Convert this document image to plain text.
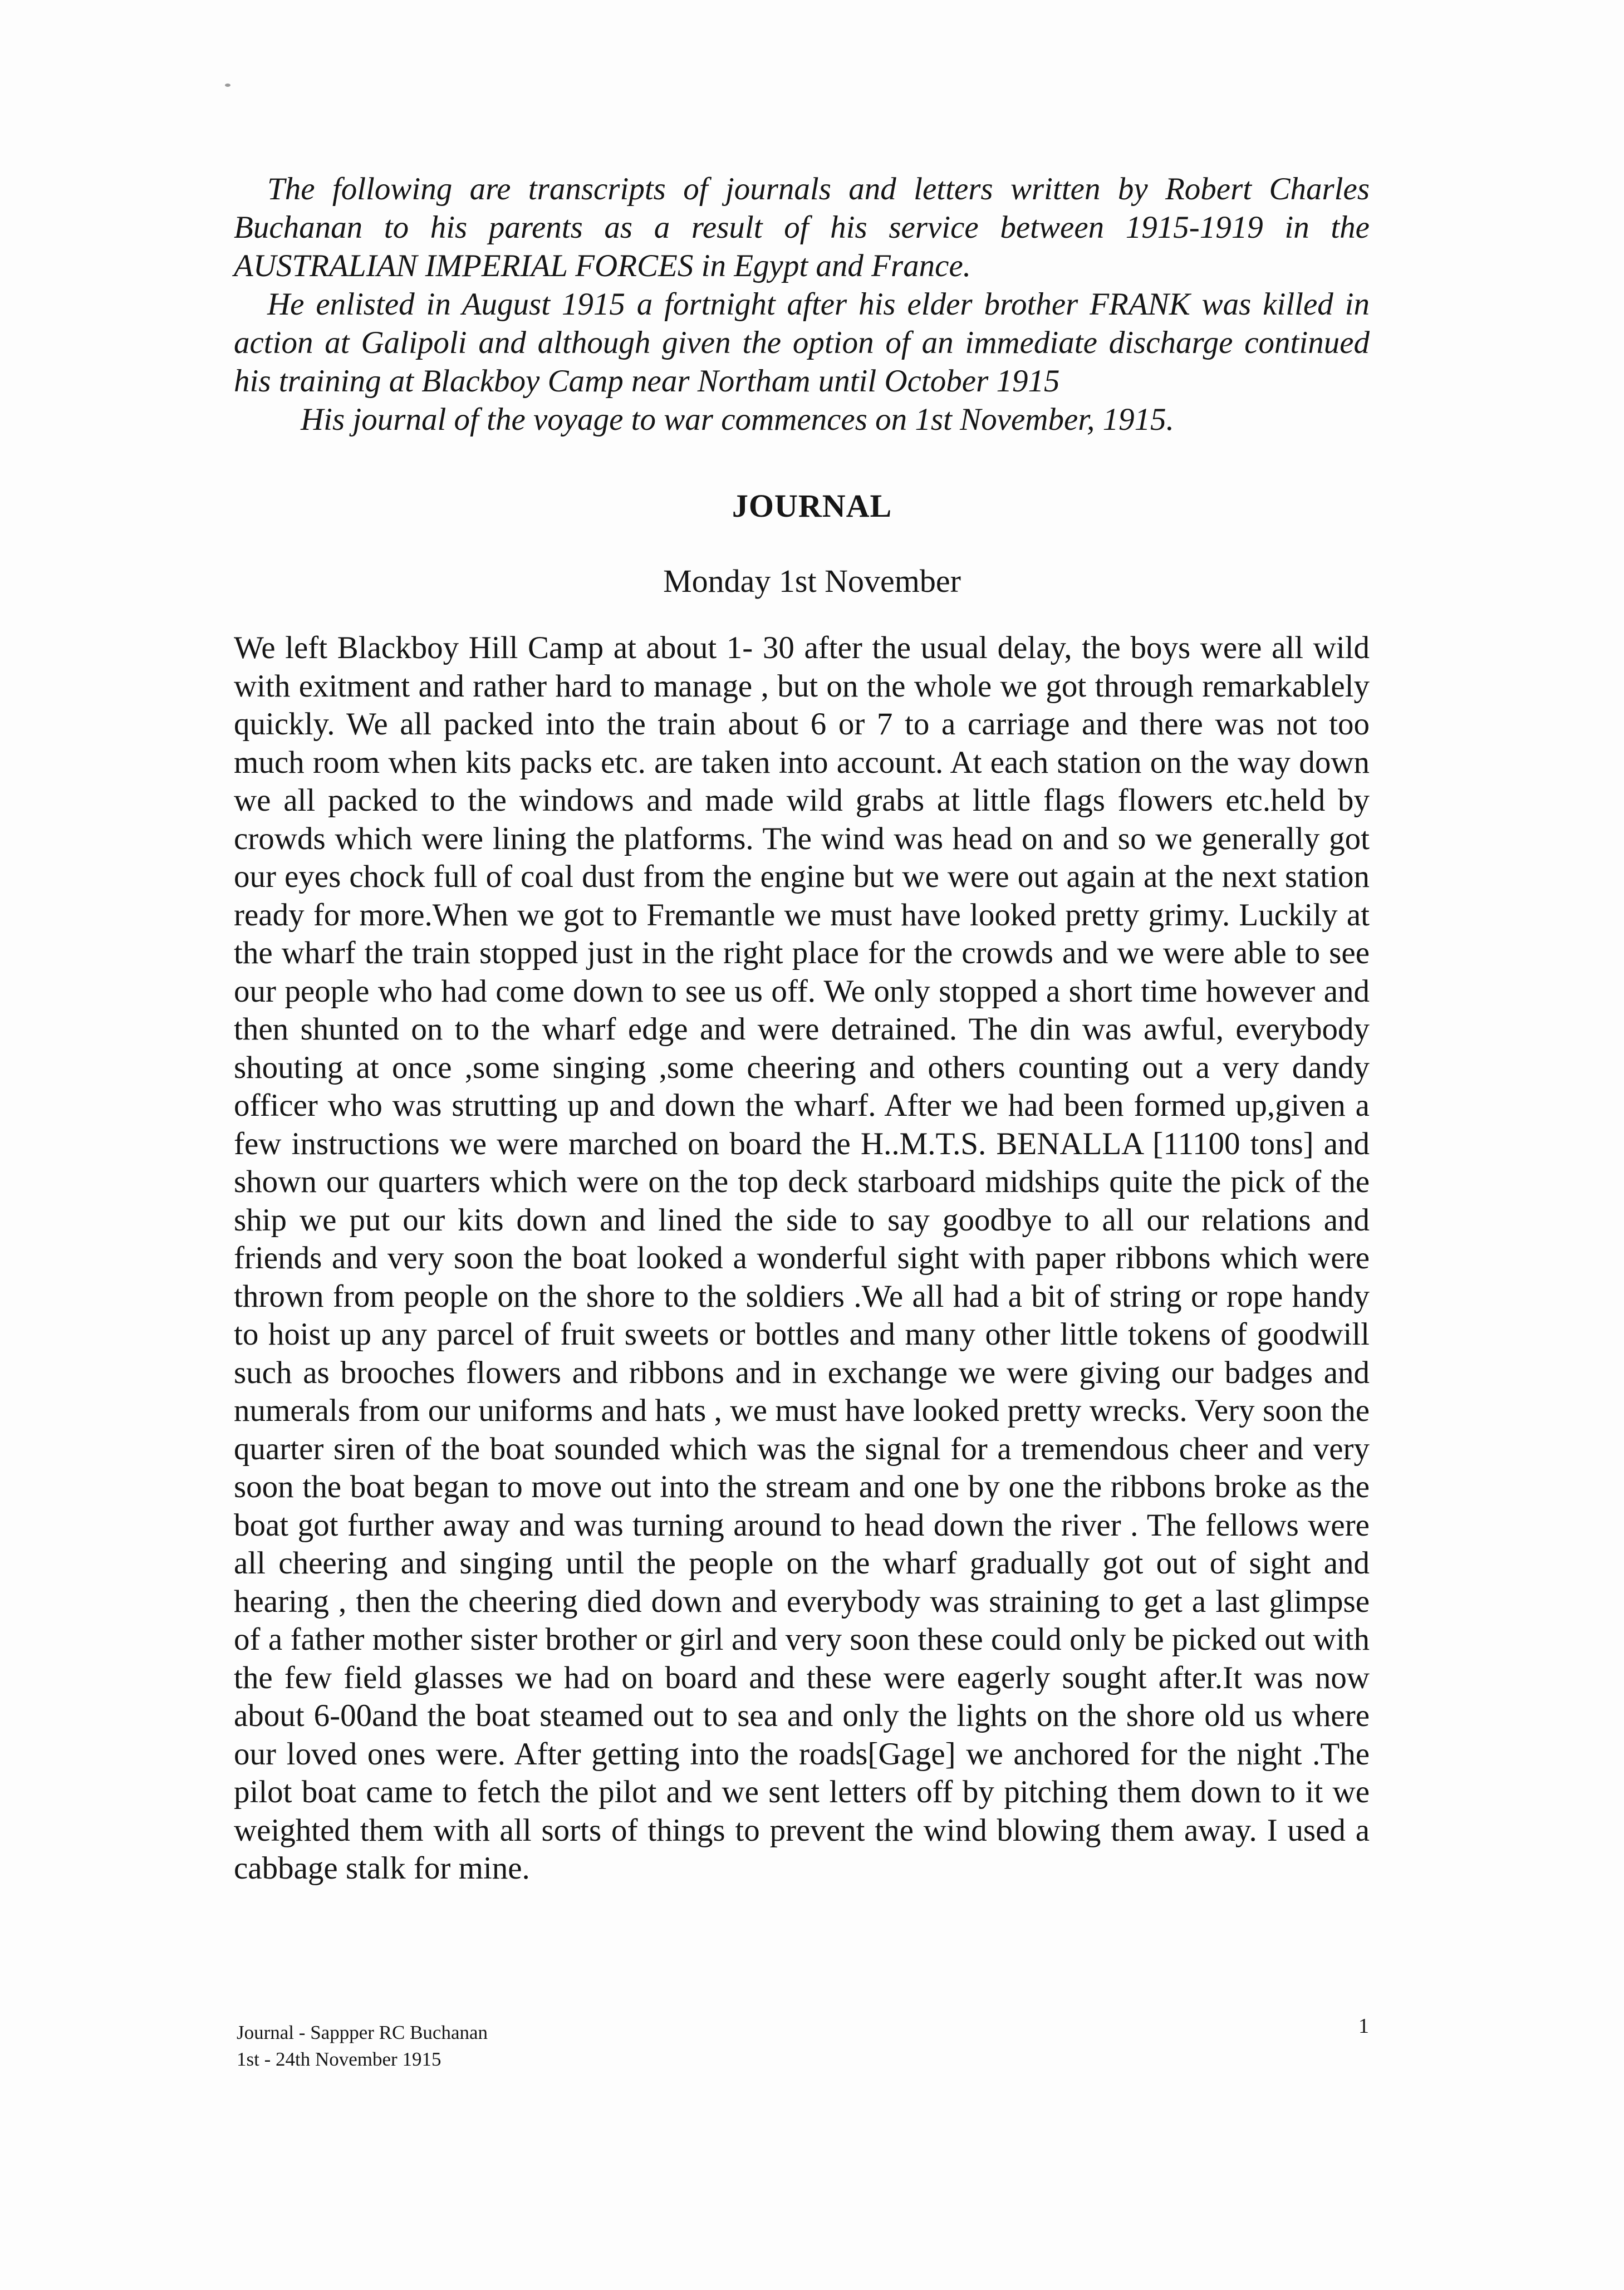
The following are transcripts of journals and letters written by Robert Charles Buchanan to his parents as a result of his service between 1915-1919 in the AUSTRALIAN IMPERIAL FORCES in Egypt and France.

He enlisted in August 1915 a fortnight after his elder brother FRANK was killed in action at Galipoli and although given the option of an immediate discharge continued his training at Blackboy Camp near Northam until October 1915

His journal of the voyage to war commences on 1st November, 1915.

JOURNAL
Monday 1st November

We left Blackboy Hill Camp at about 1- 30 after the usual delay, the boys were all wild with exitment and rather hard to manage , but on the whole we got through remarkablely quickly. We all packed into the train about 6 or 7 to a carriage and there was not too much room when kits packs etc. are taken into account. At each station on the way down we all packed to the windows and made wild grabs at little flags flowers etc.held by crowds which were lining the platforms. The wind was head on and so we generally got our eyes chock full of coal dust from the engine but we were out again at the next station ready for more.When we got to Fremantle we must have looked pretty grimy. Luckily at the wharf the train stopped just in the right place for the crowds and we were able to see our people who had come down to see us off. We only stopped a short time however and then shunted on to the wharf edge and were detrained. The din was awful, everybody shouting at once ,some singing ,some cheering and others counting out a very dandy officer who was strutting up and down the wharf. After we had been formed up,given a few instructions we were marched on board the H..M.T.S. BENALLA [11100 tons] and shown our quarters which were on the top deck starboard midships quite the pick of the ship we put our kits down and lined the side to say goodbye to all our relations and friends and very soon the boat looked a wonderful sight with paper ribbons which were thrown from people on the shore to the soldiers .We all had a bit of string or rope handy to hoist up any parcel of fruit sweets or bottles and many other little tokens of goodwill such as brooches flowers and ribbons and in exchange we were giving our badges and numerals from our uniforms and hats , we must have looked pretty wrecks. Very soon the quarter siren of the boat sounded which was the signal for a tremendous cheer and very soon the boat began to move out into the stream and one by one the ribbons broke as the boat got further away and was turning around to head down the river . The fellows were all cheering and singing until the people on the wharf gradually got out of sight and hearing , then the cheering died down and everybody was straining to get a last glimpse of a father mother sister brother or girl and very soon these could only be picked out with the few field glasses we had on board and these were eagerly sought after.It was now about 6-00and the boat steamed out to sea and only the lights on the shore old us where our loved ones were. After getting into the roads[Gage] we anchored for the night .The pilot boat came to fetch the pilot and we sent letters off by pitching them down to it we weighted them with all sorts of things to prevent the wind blowing them away. I used a cabbage stalk for mine.

Journal - Sappper RC Buchanan
1st - 24th November 1915
1
